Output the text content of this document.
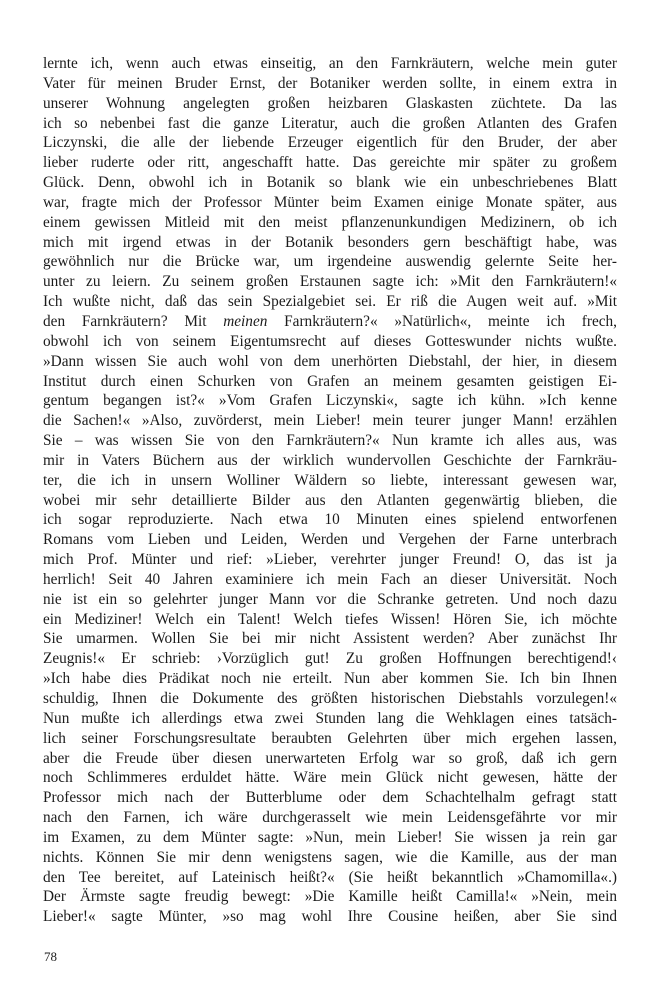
lernte ich, wenn auch etwas einseitig, an den Farnkräutern, welche mein guter
Vater für meinen Bruder Ernst, der Botaniker werden sollte, in einem extra in
unserer Wohnung angelegten großen heizbaren Glaskasten züchtete. Da las
ich so nebenbei fast die ganze Literatur, auch die großen Atlanten des Grafen
Liczynski, die alle der liebende Erzeuger eigentlich für den Bruder, der aber
lieber ruderte oder ritt, angeschafft hatte. Das gereichte mir später zu großem
Glück. Denn, obwohl ich in Botanik so blank wie ein unbeschriebenes Blatt
war, fragte mich der Professor Münter beim Examen einige Monate später, aus
einem gewissen Mitleid mit den meist pflanzenunkundigen Medizinern, ob ich
mich mit irgend etwas in der Botanik besonders gern beschäftigt habe, was
gewöhnlich nur die Brücke war, um irgendeine auswendig gelernte Seite her-
unter zu leiern. Zu seinem großen Erstaunen sagte ich: »Mit den Farnkräutern!«
Ich wußte nicht, daß das sein Spezialgebiet sei. Er riß die Augen weit auf. »Mit
den Farnkräutern? Mit meinen Farnkräutern?« »Natürlich«, meinte ich frech,
obwohl ich von seinem Eigentumsrecht auf dieses Gotteswunder nichts wußte.
»Dann wissen Sie auch wohl von dem unerhörten Diebstahl, der hier, in diesem
Institut durch einen Schurken von Grafen an meinem gesamten geistigen Ei-
gentum begangen ist?« »Vom Grafen Liczynski«, sagte ich kühn. »Ich kenne
die Sachen!« »Also, zuvörderst, mein Lieber! mein teurer junger Mann! erzählen
Sie – was wissen Sie von den Farnkräutern?« Nun kramte ich alles aus, was
mir in Vaters Büchern aus der wirklich wundervollen Geschichte der Farnkräu-
ter, die ich in unsern Wolliner Wäldern so liebte, interessant gewesen war,
wobei mir sehr detaillierte Bilder aus den Atlanten gegenwärtig blieben, die
ich sogar reproduzierte. Nach etwa 10 Minuten eines spielend entworfenen
Romans vom Lieben und Leiden, Werden und Vergehen der Farne unterbrach
mich Prof. Münter und rief: »Lieber, verehrter junger Freund! O, das ist ja
herrlich! Seit 40 Jahren examiniere ich mein Fach an dieser Universität. Noch
nie ist ein so gelehrter junger Mann vor die Schranke getreten. Und noch dazu
ein Mediziner! Welch ein Talent! Welch tiefes Wissen! Hören Sie, ich möchte
Sie umarmen. Wollen Sie bei mir nicht Assistent werden? Aber zunächst Ihr
Zeugnis!« Er schrieb: ›Vorzüglich gut! Zu großen Hoffnungen berechtigend!‹
»Ich habe dies Prädikat noch nie erteilt. Nun aber kommen Sie. Ich bin Ihnen
schuldig, Ihnen die Dokumente des größten historischen Diebstahls vorzulegen!«
Nun mußte ich allerdings etwa zwei Stunden lang die Wehklagen eines tatsäch-
lich seiner Forschungsresultate beraubten Gelehrten über mich ergehen lassen,
aber die Freude über diesen unerwarteten Erfolg war so groß, daß ich gern
noch Schlimmeres erduldet hätte. Wäre mein Glück nicht gewesen, hätte der
Professor mich nach der Butterblume oder dem Schachtelhalm gefragt statt
nach den Farnen, ich wäre durchgerasselt wie mein Leidensgefährte vor mir
im Examen, zu dem Münter sagte: »Nun, mein Lieber! Sie wissen ja rein gar
nichts. Können Sie mir denn wenigstens sagen, wie die Kamille, aus der man
den Tee bereitet, auf Lateinisch heißt?« (Sie heißt bekanntlich »Chamomilla«.)
Der Ärmste sagte freudig bewegt: »Die Kamille heißt Camilla!« »Nein, mein
Lieber!« sagte Münter, »so mag wohl Ihre Cousine heißen, aber Sie sind
78
